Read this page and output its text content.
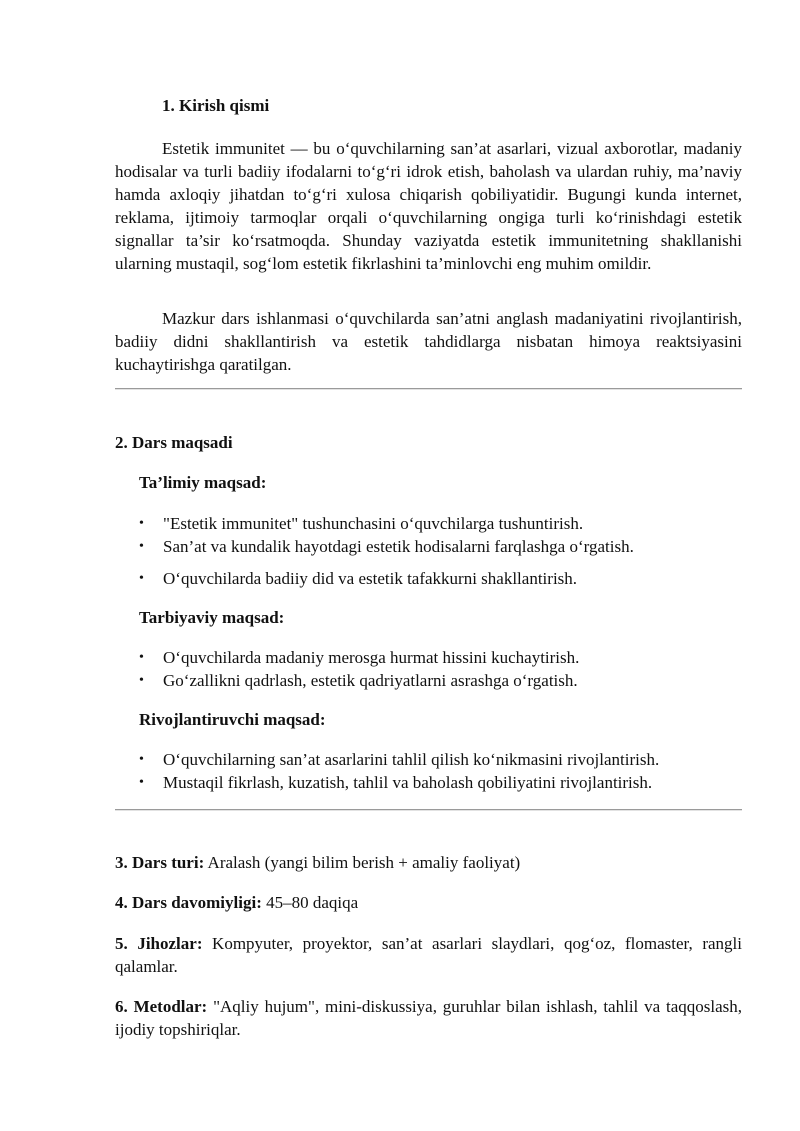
1. Kirish qismi
Estetik immunitet — bu o‘quvchilarning san’at asarlari, vizual axborotlar, madaniy hodisalar va turli badiiy ifodalarni to‘g‘ri idrok etish, baholash va ulardan ruhiy, ma’naviy hamda axloqiy jihatdan to‘g‘ri xulosa chiqarish qobiliyatidir. Bugungi kunda internet, reklama, ijtimoiy tarmoqlar orqali o‘quvchilarning ongiga turli ko‘rinishdagi estetik signallar ta’sir ko‘rsatmoqda. Shunday vaziyatda estetik immunitetning shakllanishi ularning mustaqil, sog‘lom estetik fikrlashini ta’minlovchi eng muhim omildir.
Mazkur dars ishlanmasi o‘quvchilarda san’atni anglash madaniyatini rivojlantirish, badiiy didni shakllantirish va estetik tahdidlarga nisbatan himoya reaktsiyasini kuchaytirishga qaratilgan.
2. Dars maqsadi
Ta’limiy maqsad:
• "Estetik immunitet" tushunchasini o‘quvchilarga tushuntirish.
• San’at va kundalik hayotdagi estetik hodisalarni farqlashga o‘rgatish.
• O‘quvchilarda badiiy did va estetik tafakkurni shakllantirish.
Tarbiyaviy maqsad:
• O‘quvchilarda madaniy merosga hurmat hissini kuchaytirish.
• Go‘zallikni qadrlash, estetik qadriyatlarni asrashga o‘rgatish.
Rivojlantiruvchi maqsad:
• O‘quvchilarning san’at asarlarini tahlil qilish ko‘nikmasini rivojlantirish.
• Mustaqil fikrlash, kuzatish, tahlil va baholash qobiliyatini rivojlantirish.
3. Dars turi: Aralash (yangi bilim berish + amaliy faoliyat)
4. Dars davomiyligi: 45–80 daqiqa
5. Jihozlar: Kompyuter, proyektor, san’at asarlari slaydlari, qog‘oz, flomaster, rangli qalamlar.
6. Metodlar: "Aqliy hujum", mini-diskussiya, guruhlar bilan ishlash, tahlil va taqqoslash, ijodiy topshiriqlar.
